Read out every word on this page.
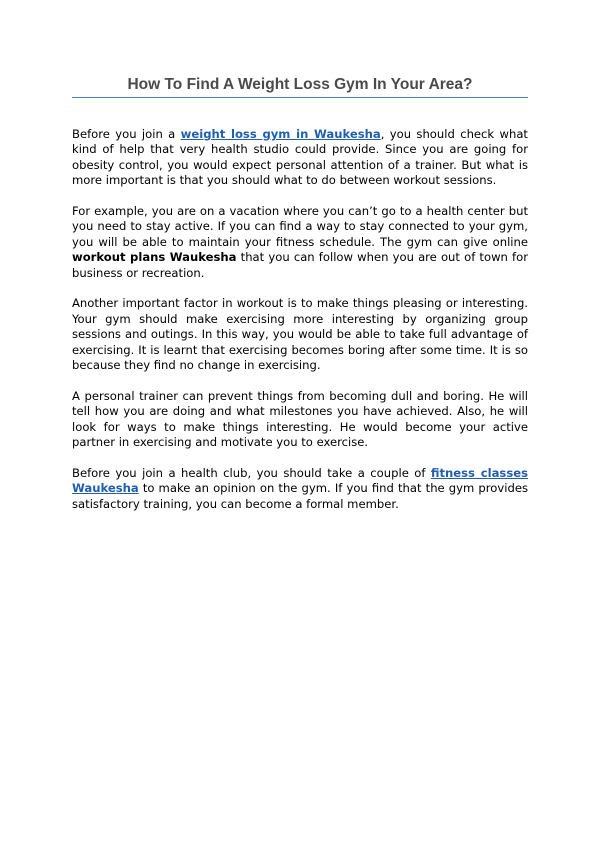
How To Find A Weight Loss Gym In Your Area?

Before you join a weight loss gym in Waukesha, you should check what kind of help that very health studio could provide. Since you are going for obesity control, you would expect personal attention of a trainer. But what is more important is that you should what to do between workout sessions.

For example, you are on a vacation where you can’t go to a health center but you need to stay active. If you can find a way to stay connected to your gym, you will be able to maintain your fitness schedule. The gym can give online workout plans Waukesha that you can follow when you are out of town for business or recreation.

Another important factor in workout is to make things pleasing or interesting. Your gym should make exercising more interesting by organizing group sessions and outings. In this way, you would be able to take full advantage of exercising. It is learnt that exercising becomes boring after some time. It is so because they find no change in exercising.

A personal trainer can prevent things from becoming dull and boring. He will tell how you are doing and what milestones you have achieved. Also, he will look for ways to make things interesting. He would become your active partner in exercising and motivate you to exercise.

Before you join a health club, you should take a couple of fitness classes Waukesha to make an opinion on the gym. If you find that the gym provides satisfactory training, you can become a formal member.
